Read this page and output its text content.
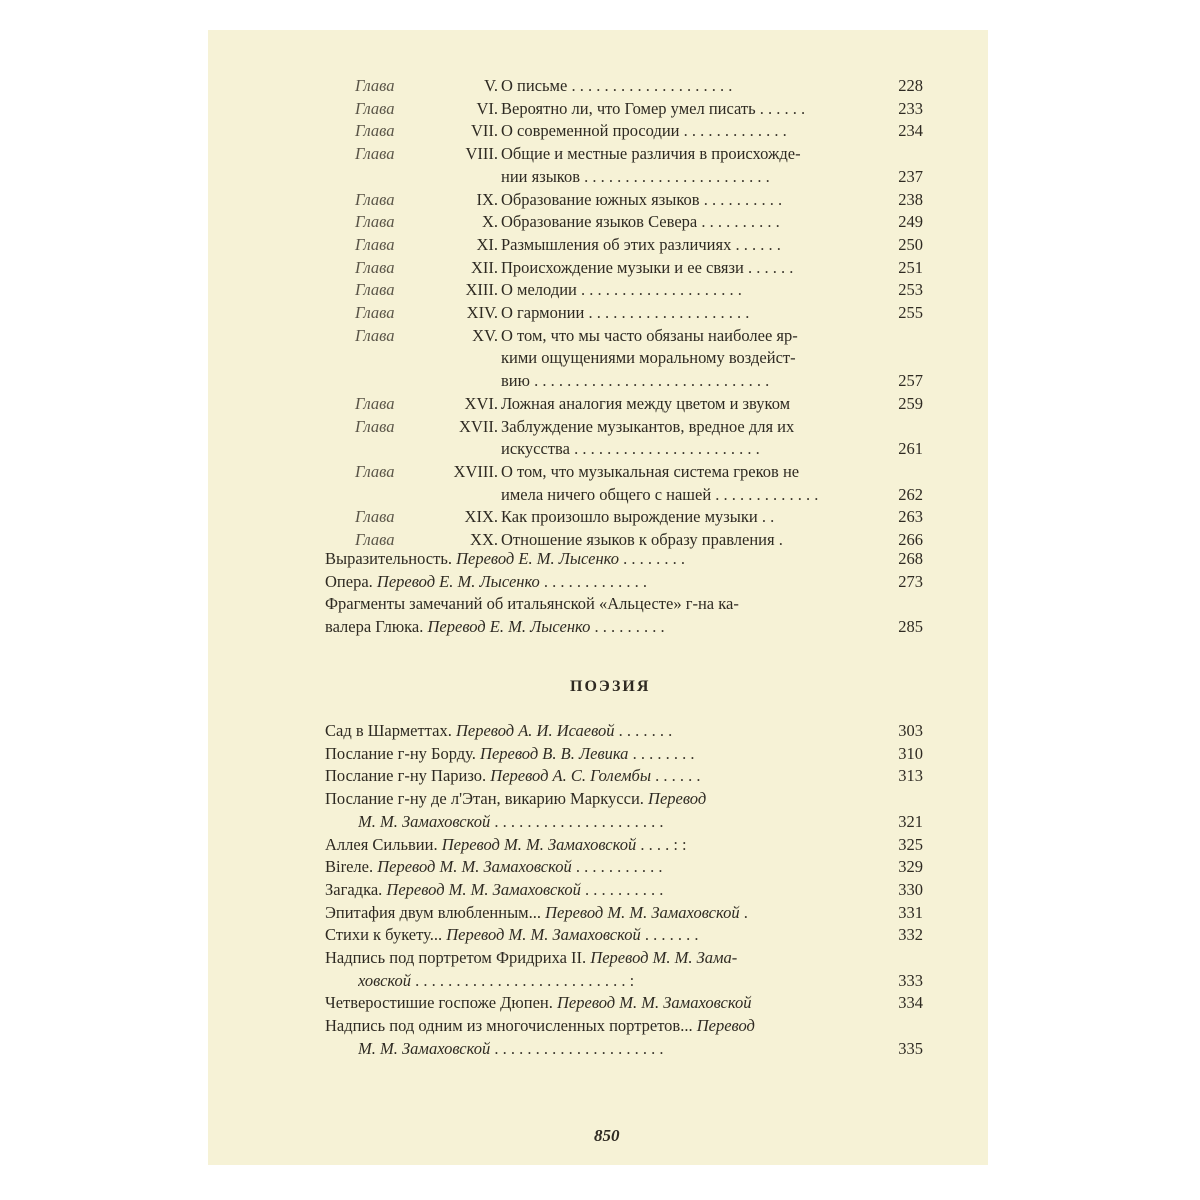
Глава	V. О письме . . . . . . . . . . . . . . . . . . . .	228
Глава	VI. Вероятно ли, что Гомер умел писать . . . . . .	233
Глава	VII. О современной просодии . . . . . . . . . . . . .	234
Глава	VIII. Общие и местные различия в происхожде-
нии языков . . . . . . . . . . . . . . . . . . . . . . .	237
Глава	IX. Образование южных языков . . . . . . . . . .	238
Глава	X. Образование языков Севера . . . . . . . . . .	249
Глава	XI. Размышления об этих различиях . . . . . .	250
Глава	XII. Происхождение музыки и ее связи . . . . . .	251
Глава	XIII. О мелодии . . . . . . . . . . . . . . . . . . . .	253
Глава	XIV. О гармонии . . . . . . . . . . . . . . . . . . . .	255
Глава	XV. О том, что мы часто обязаны наиболее яр-
кими ощущениями моральному воздейст-
вию . . . . . . . . . . . . . . . . . . . . . . . . . . . . .	257
Глава	XVI. Ложная аналогия между цветом и звуком	259
Глава	XVII. Заблуждение музыкантов, вредное для их
искусства . . . . . . . . . . . . . . . . . . . . . . .	261
Глава	XVIII. О том, что музыкальная система греков не
имела ничего общего с нашей . . . . . . . . . . . . .	262
Глава	XIX. Как произошло вырождение музыки . .	263
Глава	XX. Отношение языков к образу правления .	266
Выразительность. Перевод Е. М. Лысенко . . . . . . . .	268
Опера. Перевод Е. М. Лысенко . . . . . . . . . . . . .	273
Фрагменты замечаний об итальянской «Альцесте» г-на ка-
валера Глюка. Перевод Е. М. Лысенко . . . . . . . . .	285
Сад в Шарметтах. Перевод А. И. Исаевой . . . . . . .	303
Послание г-ну Борду. Перевод В. В. Левика . . . . . . . .	310
Послание г-ну Паризо. Перевод А. С. Голембы . . . . . .	313
Послание г-ну де л'Этан, викарию Маркусси. Перевод
М. М. Замаховской . . . . . . . . . . . . . . . . . . . . .	321
Аллея Сильвии. Перевод М. М. Замаховской . . . . : :	325
Вireле. Перевод М. М. Замаховской . . . . . . . . . . .	329
Загадка. Перевод М. М. Замаховской . . . . . . . . . .	330
Эпитафия двум влюбленным... Перевод М. М. Замаховской .	331
Стихи к букету... Перевод М. М. Замаховской . . . . . . .	332
Надпись под портретом Фридриха II. Перевод М. М. Зама-
ховской . . . . . . . . . . . . . . . . . . . . . . . . . . :	333
Четверостишие госпоже Дюпен. Перевод М. М. Замаховской	334
Надпись под одним из многочисленных портретов... Перевод
М. М. Замаховской . . . . . . . . . . . . . . . . . . . . .	335
ПОЭЗИЯ
850
